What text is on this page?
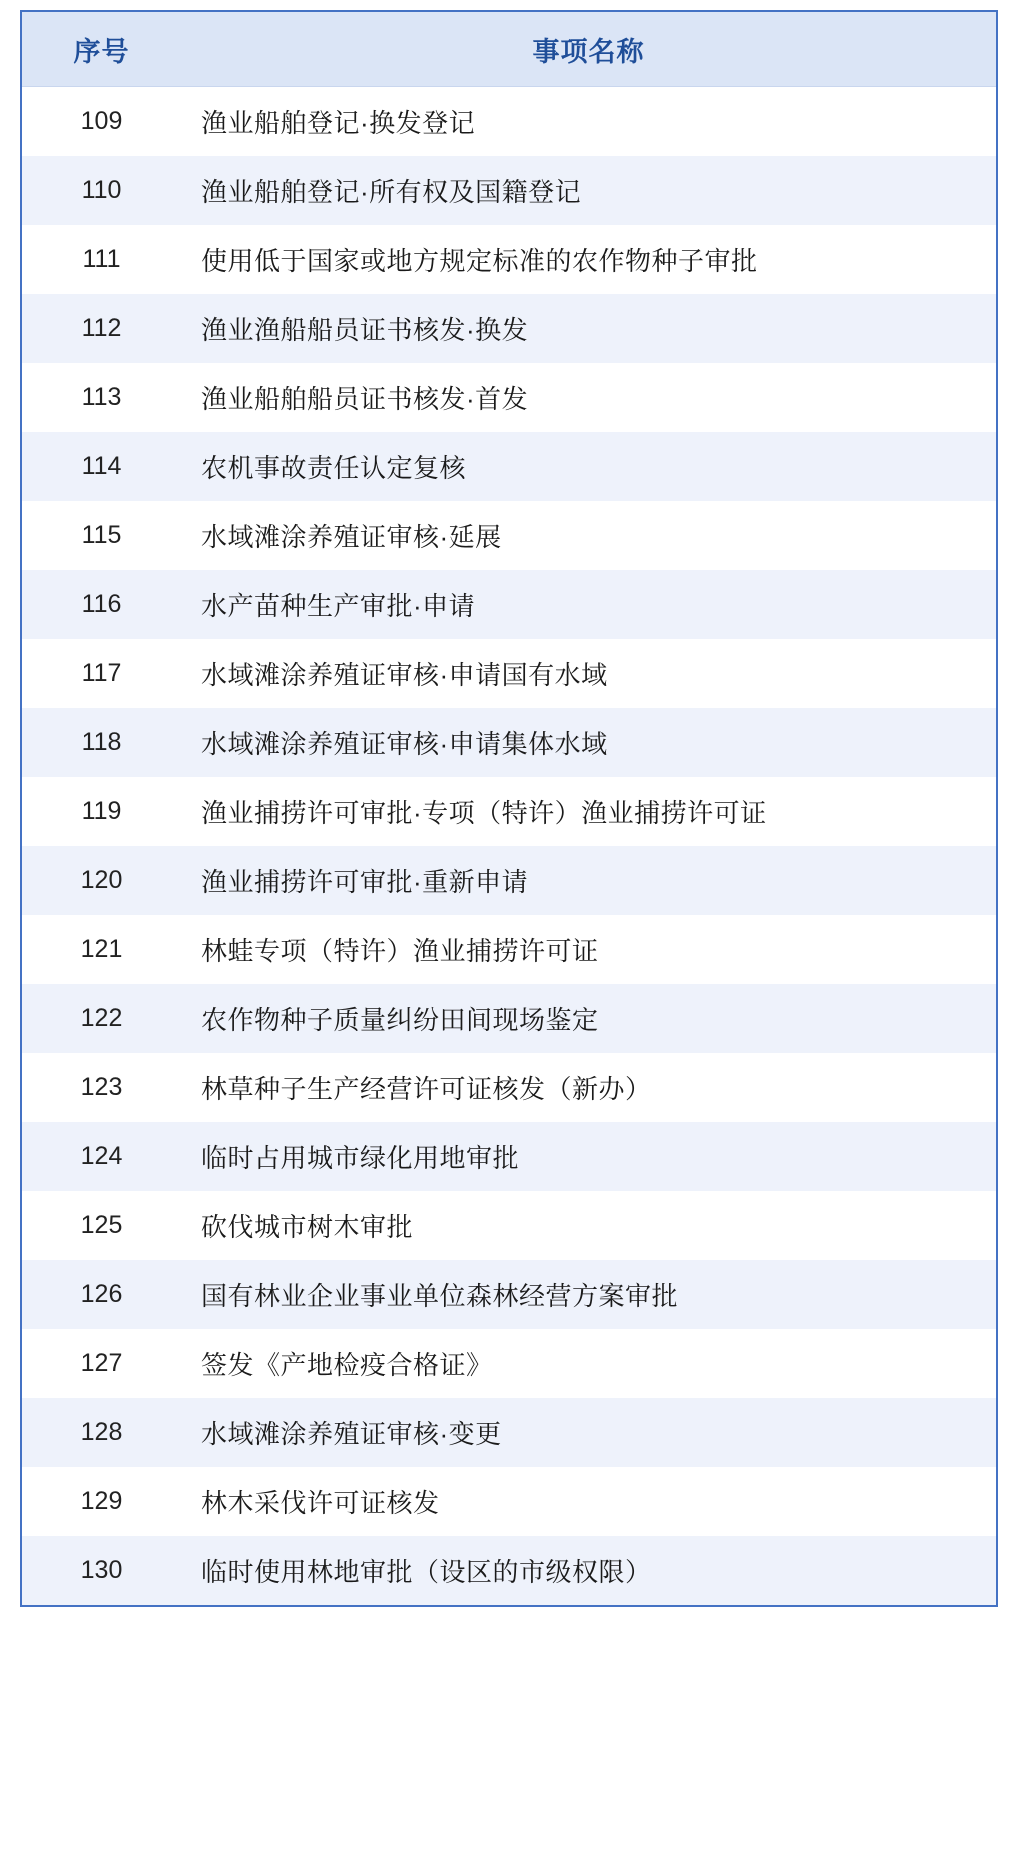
序号	事项名称
109	渔业船舶登记·换发登记
110	渔业船舶登记·所有权及国籍登记
111	使用低于国家或地方规定标准的农作物种子审批
112	渔业渔船船员证书核发·换发
113	渔业船舶船员证书核发·首发
114	农机事故责任认定复核
115	水域滩涂养殖证审核·延展
116	水产苗种生产审批·申请
117	水域滩涂养殖证审核·申请国有水域
118	水域滩涂养殖证审核·申请集体水域
119	渔业捕捞许可审批·专项（特许）渔业捕捞许可证
120	渔业捕捞许可审批·重新申请
121	林蛙专项（特许）渔业捕捞许可证
122	农作物种子质量纠纷田间现场鉴定
123	林草种子生产经营许可证核发（新办）
124	临时占用城市绿化用地审批
125	砍伐城市树木审批
126	国有林业企业事业单位森林经营方案审批
127	签发《产地检疫合格证》
128	水域滩涂养殖证审核·变更
129	林木采伐许可证核发
130	临时使用林地审批（设区的市级权限）
